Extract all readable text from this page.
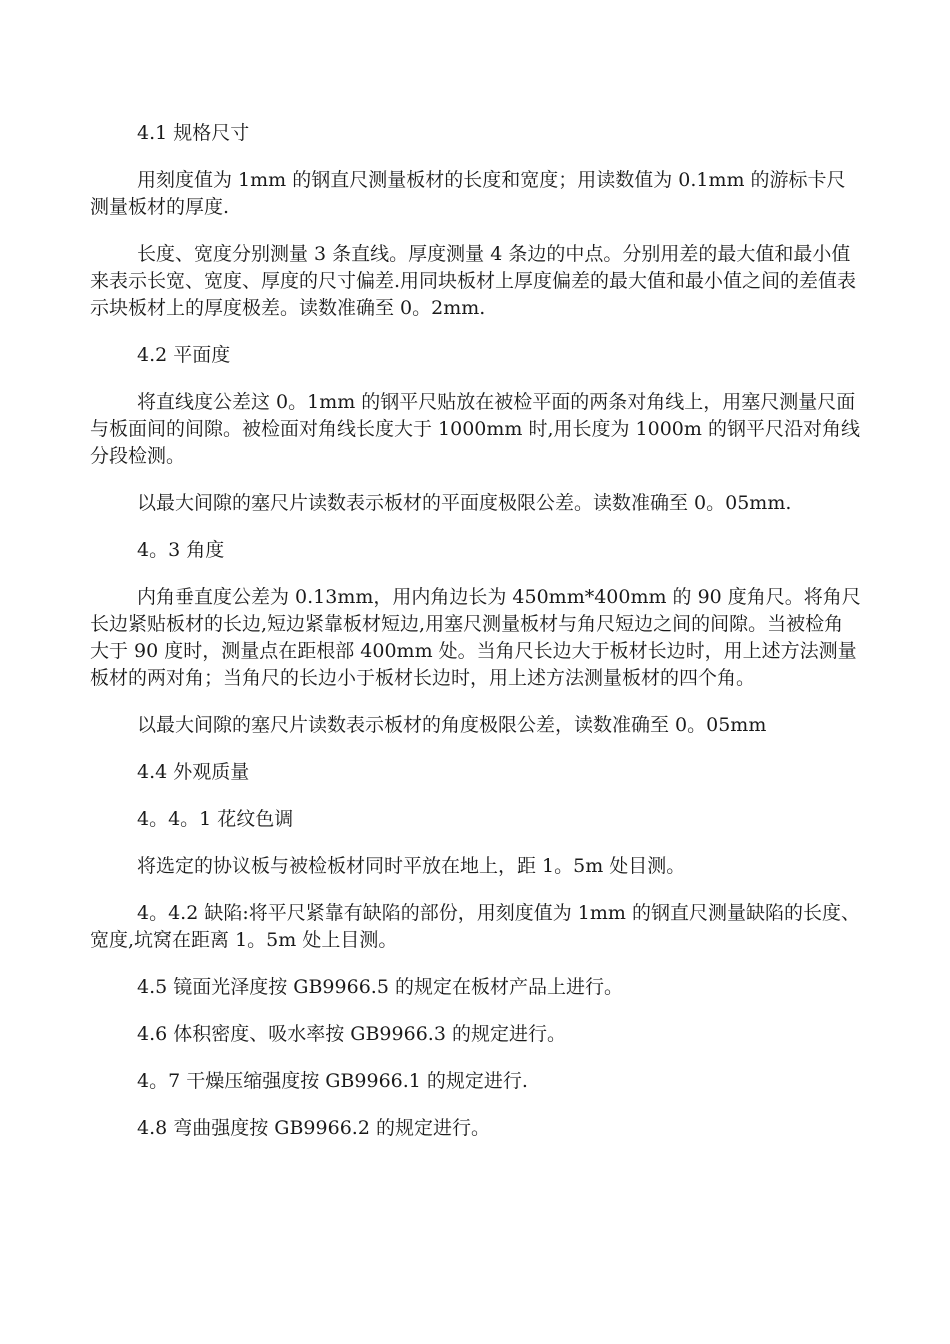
4.1 规格尺寸

用刻度值为 1mm 的钢直尺测量板材的长度和宽度；用读数值为 0.1mm 的游标卡尺测量板材的厚度.

长度、宽度分别测量 3 条直线。厚度测量 4 条边的中点。分别用差的最大值和最小值来表示长宽、宽度、厚度的尺寸偏差.用同块板材上厚度偏差的最大值和最小值之间的差值表示块板材上的厚度极差。读数准确至 0。2mm.

4.2 平面度

将直线度公差这 0。1mm 的钢平尺贴放在被检平面的两条对角线上，用塞尺测量尺面与板面间的间隙。被检面对角线长度大于 1000mm 时,用长度为 1000m 的钢平尺沿对角线分段检测。

以最大间隙的塞尺片读数表示板材的平面度极限公差。读数准确至 0。05mm.

4。3 角度

内角垂直度公差为 0.13mm，用内角边长为 450mm*400mm 的 90 度角尺。将角尺长边紧贴板材的长边,短边紧靠板材短边,用塞尺测量板材与角尺短边之间的间隙。当被检角大于 90 度时，测量点在距根部 400mm 处。当角尺长边大于板材长边时，用上述方法测量板材的两对角；当角尺的长边小于板材长边时，用上述方法测量板材的四个角。

以最大间隙的塞尺片读数表示板材的角度极限公差，读数准确至 0。05mm

4.4 外观质量

4。4。1 花纹色调

将选定的协议板与被检板材同时平放在地上，距 1。5m 处目测。

4。4.2 缺陷:将平尺紧靠有缺陷的部份，用刻度值为 1mm 的钢直尺测量缺陷的长度、宽度,坑窝在距离 1。5m 处上目测。

4.5 镜面光泽度按 GB9966.5 的规定在板材产品上进行。

4.6 体积密度、吸水率按 GB9966.3 的规定进行。

4。7 干燥压缩强度按 GB9966.1 的规定进行.

4.8 弯曲强度按 GB9966.2 的规定进行。
